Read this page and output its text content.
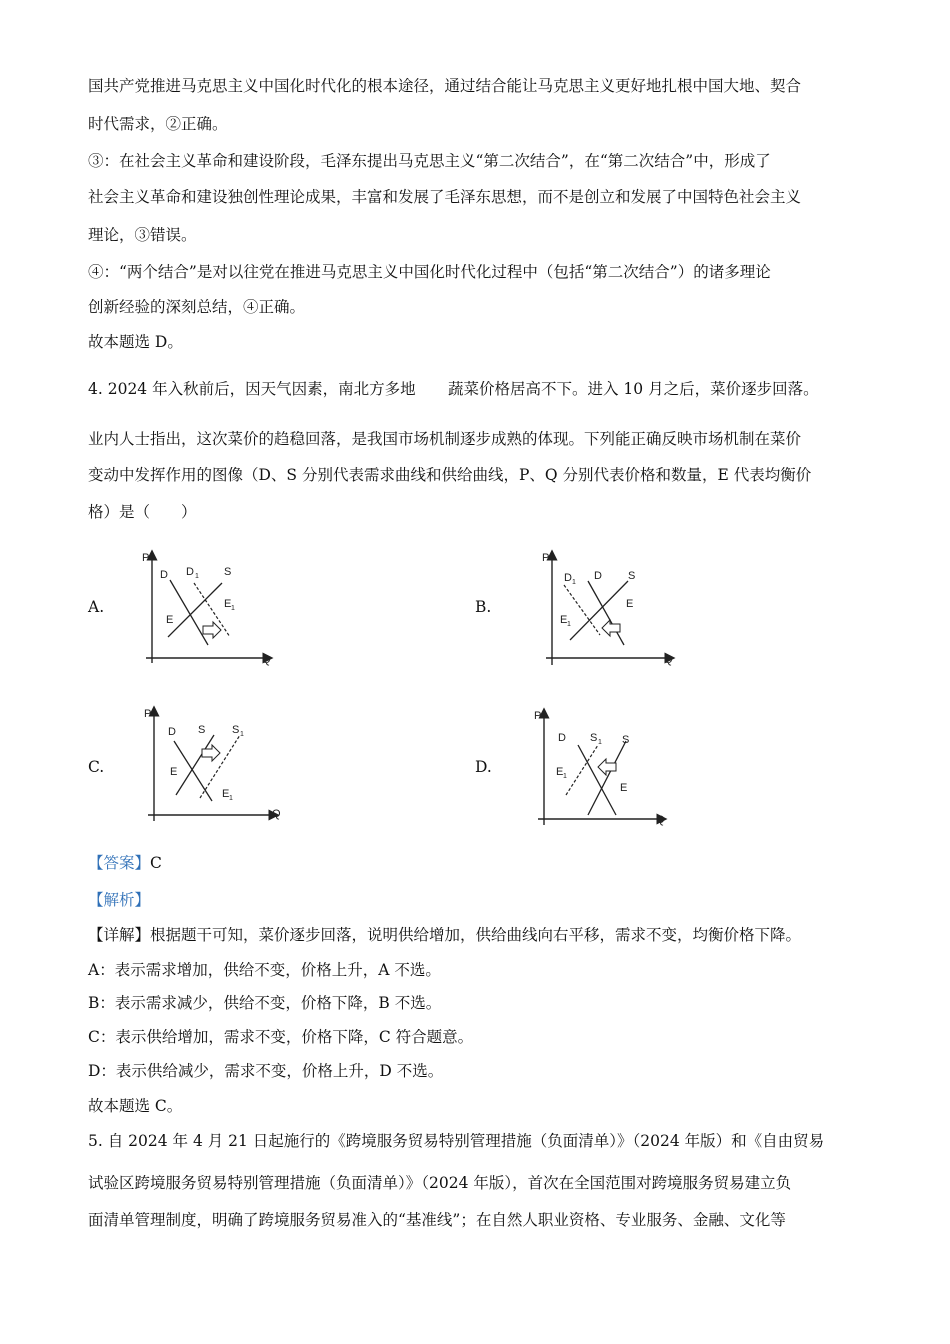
国共产党推进马克思主义中国化时代化的根本途径，通过结合能让马克思主义更好地扎根中国大地、契合
时代需求，②正确。
③：在社会主义革命和建设阶段，毛泽东提出马克思主义“第二次结合”，在“第二次结合”中，形成了
社会主义革命和建设独创性理论成果，丰富和发展了毛泽东思想，而不是创立和发展了中国特色社会主义
理论，③错误。
④：“两个结合”是对以往党在推进马克思主义中国化时代化过程中（包括“第二次结合”）的诸多理论
创新经验的深刻总结，④正确。
故本题选 D。
4. 2024 年入秋前后，因天气因素，南北方多地 蔬菜价格居高不下。进入 10 月之后，菜价逐步回落。
业内人士指出，这次菜价的趋稳回落，是我国市场机制逐步成熟的体现。下列能正确反映市场机制在菜价
变动中发挥作用的图像（D、S 分别代表需求曲线和供给曲线，P、Q 分别代表价格和数量，E 代表均衡价
格）是（　　）
A.	B.
C.	D.
P
Q
D D 1 S
E
E 1
P
Q
D 1
D S
E 1
E
P
Q
D S S 1
E
E 1
P
Q
D S 1 S
E 1
E
【答案】C
【解析】
【详解】根据题干可知，菜价逐步回落，说明供给增加，供给曲线向右平移，需求不变，均衡价格下降。
A：表示需求增加，供给不变，价格上升，A 不选。
B：表示需求减少，供给不变，价格下降，B 不选。
C：表示供给增加，需求不变，价格下降，C 符合题意。
D：表示供给减少，需求不变，价格上升，D 不选。
故本题选 C。
5. 自 2024 年 4 月 21 日起施行的《跨境服务贸易特别管理措施（负面清单）》（2024 年版）和《自由贸易
试验区跨境服务贸易特别管理措施（负面清单）》（2024 年版），首次在全国范围对跨境服务贸易建立负
面清单管理制度，明确了跨境服务贸易准入的“基准线”；在自然人职业资格、专业服务、金融、文化等
